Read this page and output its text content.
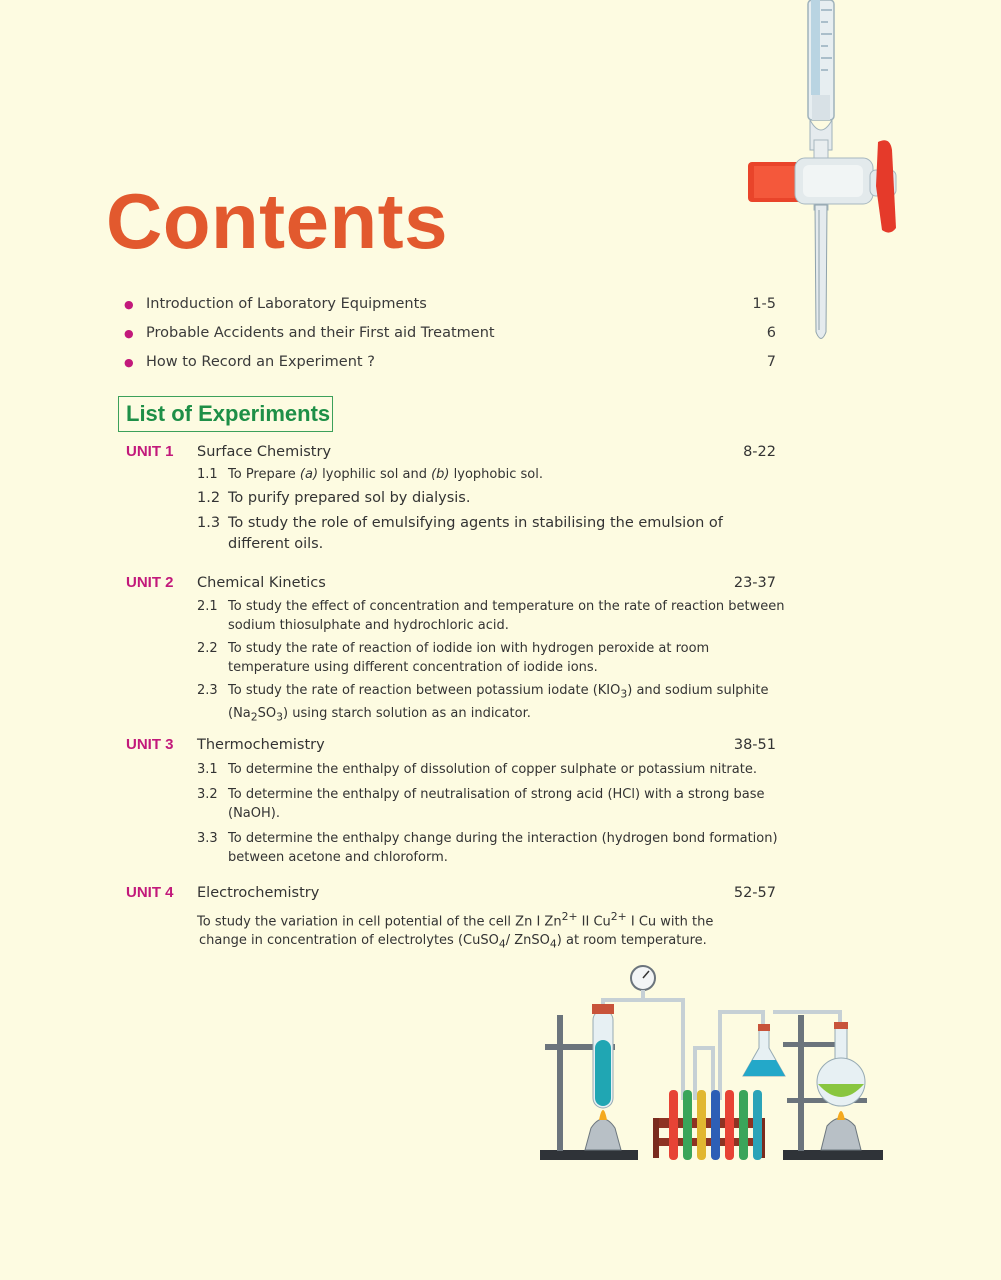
Contents
● Introduction of Laboratory Equipments	1-5
● Probable Accidents and their First aid Treatment	6
● How to Record an Experiment ?	7
List of Experiments
UNIT 1	Surface Chemistry	8-22
1.1 To Prepare (a) lyophilic sol and (b) lyophobic sol.
1.2 To purify prepared sol by dialysis.
1.3 To study the role of emulsifying agents in stabilising the emulsion of different oils.
UNIT 2	Chemical Kinetics	23-37
2.1 To study the effect of concentration and temperature on the rate of reaction between sodium thiosulphate and hydrochloric acid.
2.2 To study the rate of reaction of iodide ion with hydrogen peroxide at room temperature using different concentration of iodide ions.
2.3 To study the rate of reaction between potassium iodate $(KIO_3)$ and sodium sulphite $(Na_2SO_3)$ using starch solution as an indicator.
UNIT 3	Thermochemistry	38-51
3.1 To determine the enthalpy of dissolution of copper sulphate or potassium nitrate.
3.2 To determine the enthalpy of neutralisation of strong acid (HCl) with a strong base (NaOH).
3.3 To determine the enthalpy change during the interaction (hydrogen bond formation) between acetone and chloroform.
UNIT 4	Electrochemistry	52-57
To study the variation in cell potential of the cell Zn I $Zn^{2+}$ II $Cu^{2+}$ I Cu with the change in concentration of electrolytes (CuSO$_4$/ ZnSO$_4$) at room temperature.
